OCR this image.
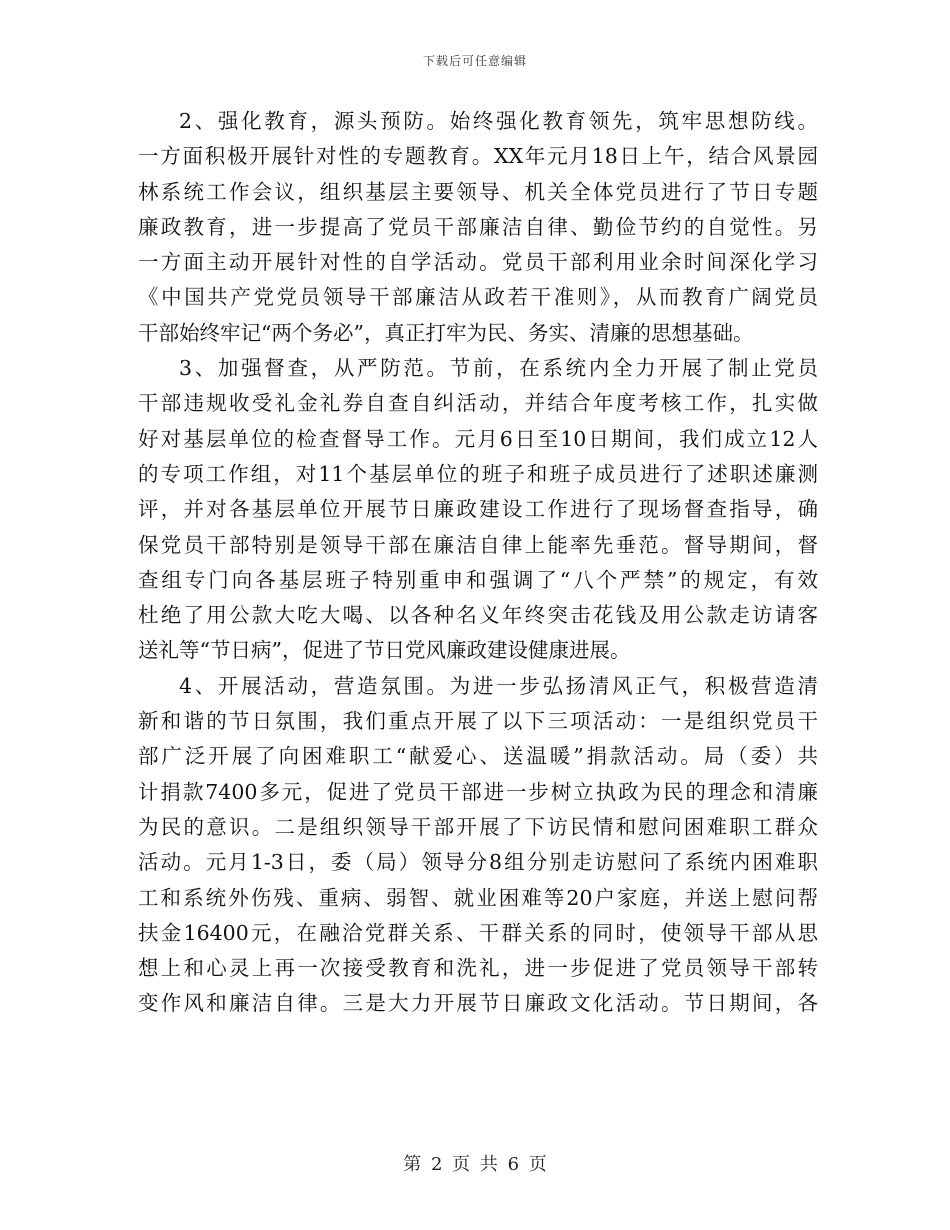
下载后可任意编辑
2、强化教育，源头预防。始终强化教育领先，筑牢思想防线。
一方面积极开展针对性的专题教育。XX年元月18日上午，结合风景园
林系统工作会议，组织基层主要领导、机关全体党员进行了节日专题
廉政教育，进一步提高了党员干部廉洁自律、勤俭节约的自觉性。另
一方面主动开展针对性的自学活动。党员干部利用业余时间深化学习
《中国共产党党员领导干部廉洁从政若干准则》，从而教育广阔党员
干部始终牢记“两个务必”，真正打牢为民、务实、清廉的思想基础。
3、加强督查，从严防范。节前，在系统内全力开展了制止党员
干部违规收受礼金礼券自查自纠活动，并结合年度考核工作，扎实做
好对基层单位的检查督导工作。元月6日至10日期间，我们成立12人
的专项工作组，对11个基层单位的班子和班子成员进行了述职述廉测
评，并对各基层单位开展节日廉政建设工作进行了现场督查指导，确
保党员干部特别是领导干部在廉洁自律上能率先垂范。督导期间，督
查组专门向各基层班子特别重申和强调了“八个严禁”的规定，有效
杜绝了用公款大吃大喝、以各种名义年终突击花钱及用公款走访请客
送礼等“节日病”，促进了节日党风廉政建设健康进展。
4、开展活动，营造氛围。为进一步弘扬清风正气，积极营造清
新和谐的节日氛围，我们重点开展了以下三项活动：一是组织党员干
部广泛开展了向困难职工“献爱心、送温暖”捐款活动。局（委）共
计捐款7400多元，促进了党员干部进一步树立执政为民的理念和清廉
为民的意识。二是组织领导干部开展了下访民情和慰问困难职工群众
活动。元月1-3日，委（局）领导分8组分别走访慰问了系统内困难职
工和系统外伤残、重病、弱智、就业困难等20户家庭，并送上慰问帮
扶金16400元，在融洽党群关系、干群关系的同时，使领导干部从思
想上和心灵上再一次接受教育和洗礼，进一步促进了党员领导干部转
变作风和廉洁自律。三是大力开展节日廉政文化活动。节日期间，各
第 2 页 共 6 页
